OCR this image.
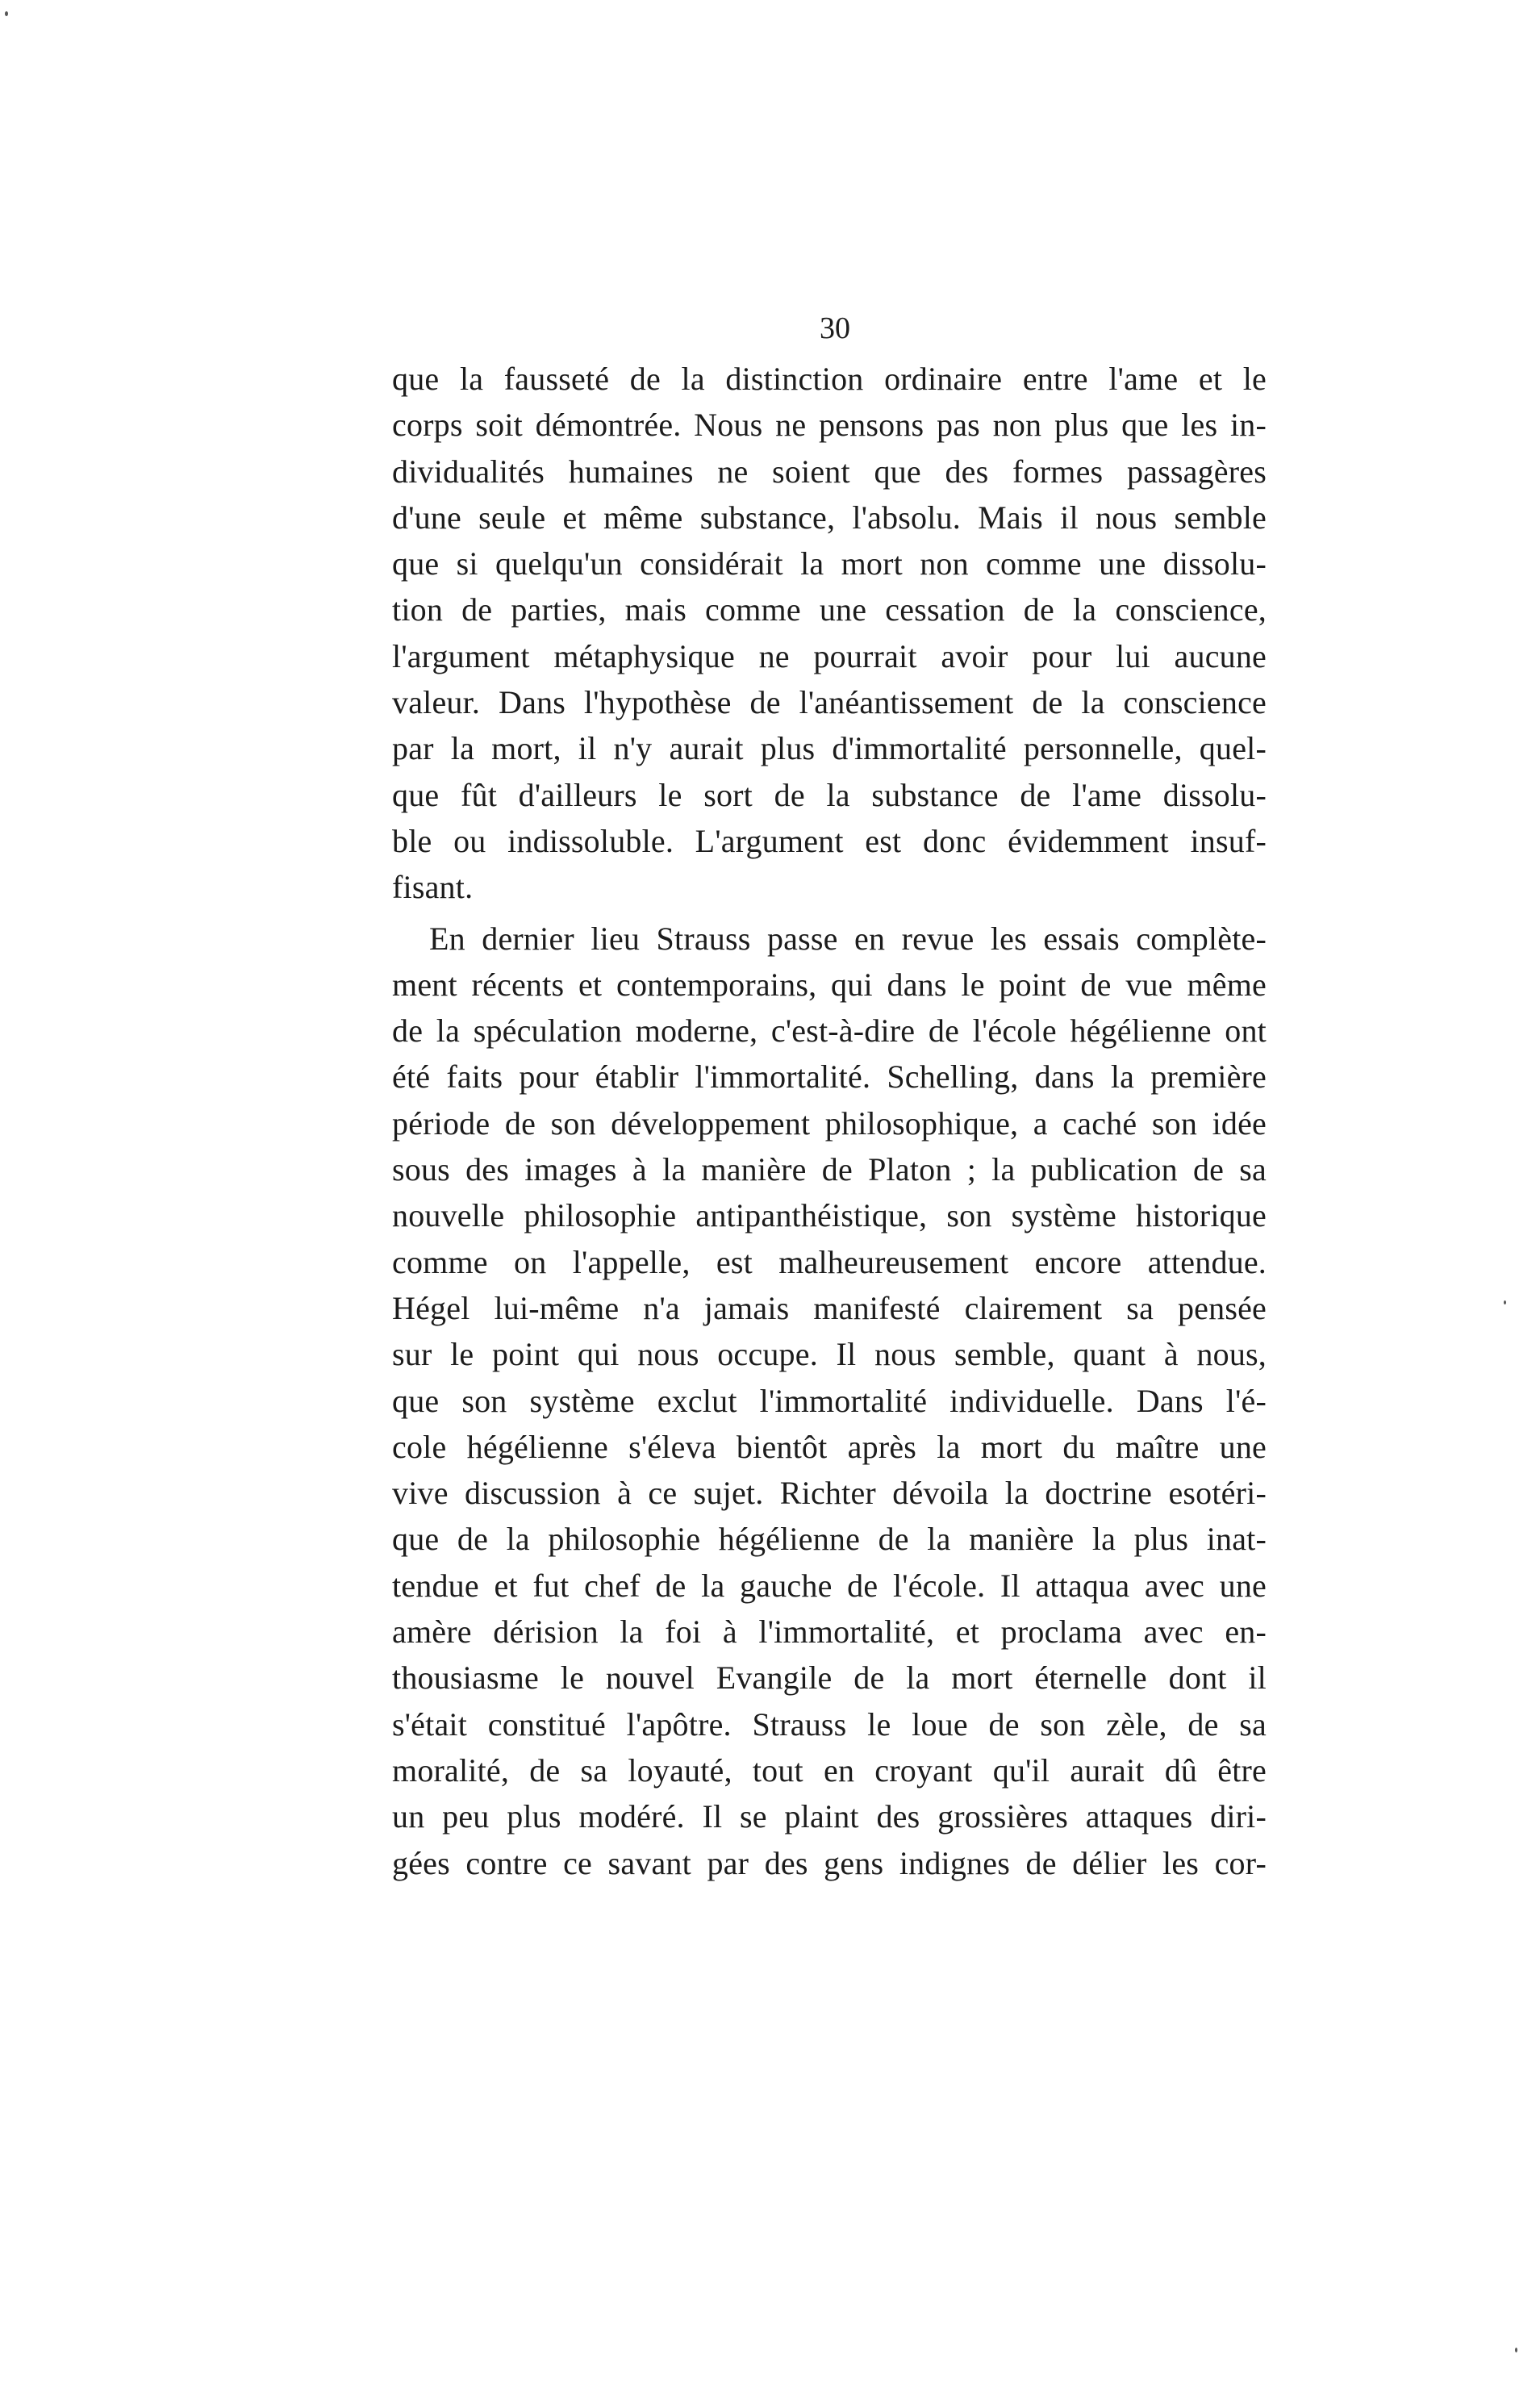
30
que la fausseté de la distinction ordinaire entre l'ame et le
corps soit démontrée. Nous ne pensons pas non plus que les in-
dividualités humaines ne soient que des formes passagères
d'une seule et même substance, l'absolu. Mais il nous semble
que si quelqu'un considérait la mort non comme une dissolu-
tion de parties, mais comme une cessation de la conscience,
l'argument métaphysique ne pourrait avoir pour lui aucune
valeur. Dans l'hypothèse de l'anéantissement de la conscience
par la mort, il n'y aurait plus d'immortalité personnelle, quel-
que fût d'ailleurs le sort de la substance de l'ame dissolu-
ble ou indissoluble. L'argument est donc évidemment insuf-
fisant.
En dernier lieu Strauss passe en revue les essais complète-
ment récents et contemporains, qui dans le point de vue même
de la spéculation moderne, c'est-à-dire de l'école hégélienne ont
été faits pour établir l'immortalité. Schelling, dans la première
période de son développement philosophique, a caché son idée
sous des images à la manière de Platon ; la publication de sa
nouvelle philosophie antipanthéistique, son système historique
comme on l'appelle, est malheureusement encore attendue.
Hégel lui-même n'a jamais manifesté clairement sa pensée
sur le point qui nous occupe. Il nous semble, quant à nous,
que son système exclut l'immortalité individuelle. Dans l'é-
cole hégélienne s'éleva bientôt après la mort du maître une
vive discussion à ce sujet. Richter dévoila la doctrine esotéri-
que de la philosophie hégélienne de la manière la plus inat-
tendue et fut chef de la gauche de l'école. Il attaqua avec une
amère dérision la foi à l'immortalité, et proclama avec en-
thousiasme le nouvel Evangile de la mort éternelle dont il
s'était constitué l'apôtre. Strauss le loue de son zèle, de sa
moralité, de sa loyauté, tout en croyant qu'il aurait dû être
un peu plus modéré. Il se plaint des grossières attaques diri-
gées contre ce savant par des gens indignes de délier les cor-
